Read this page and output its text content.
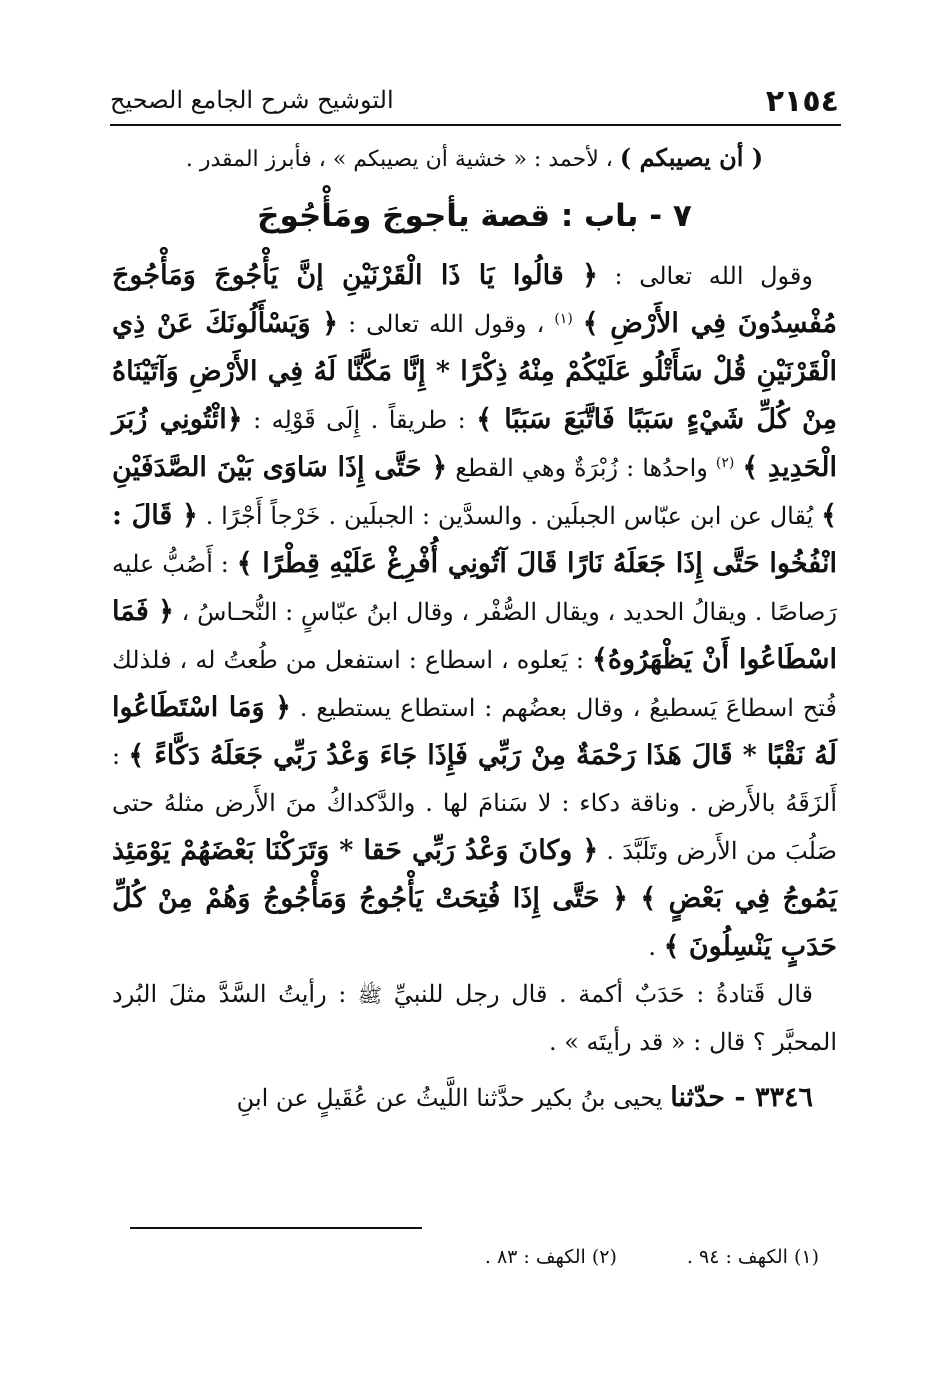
٢١٥٤
التوشيح شرح الجامع الصحيح

( أن يصيبكم ) ، لأحمد : « خشية أن يصيبكم » ، فأبرز المقدر .

٧ - باب : قصة يأجوجَ ومَأْجُوجَ

وقول الله تعالى : ﴿ قالُوا يَا ذَا الْقَرْنَيْنِ إنَّ يَأْجُوجَ وَمَأْجُوجَ مُفْسِدُونَ فِي الأَرْضِ ﴾ $^{(١)}$ ، وقول الله تعالى : ﴿ وَيَسْأَلُونَكَ عَنْ ذِي الْقَرْنَيْنِ قُلْ سَأَتْلُو عَلَيْكُمْ مِنْهُ ذِكْرًا * إِنَّا مَكَّنَّا لَهُ فِي الأَرْضِ وَآتَيْنَاهُ مِنْ كُلِّ شَيْءٍ سَبَبًا فَاتَّبَعَ سَبَبًا ﴾ : طريقاً . إِلَى قَوْلِه : ﴿ائْتُونِي زُبَرَ الْحَدِيدِ ﴾ $^{(٢)}$ واحدُها : زُبْرَةٌ وهي القطع ﴿ حَتَّى إِذَا سَاوَى بَيْنَ الصَّدَفَيْنِ ﴾ يُقال عن ابن عبّاس الجبلَين . والسدَّين : الجبلَين . خَرْجاً أَجْرًا . ﴿ قَالَ : انْفُخُوا حَتَّى إِذَا جَعَلَهُ نَارًا قَالَ آتُونِي أُفْرِغْ عَلَيْهِ قِطْرًا ﴾ : أَصُبُّ عليه رَصاصًا . ويقالُ الحديد ، ويقال الصُّفْر ، وقال ابنُ عبّاسٍ : النُّحـاسُ ، ﴿ فَمَا اسْطَاعُوا أَنْ يَظْهَرُوهُ﴾ : يَعلوه ، اسطاع : استفعل من طُعتُ له ، فلذلك فُتح اسطاعَ يَسطيعُ ، وقال بعضُهم : استطاع يستطيع . ﴿ وَمَا اسْتَطَاعُوا لَهُ نَقْبًا * قَالَ هَذَا رَحْمَةٌ مِنْ رَبِّي فَإِذَا جَاءَ وَعْدُ رَبِّي جَعَلَهُ دَكَّاءً ﴾ : أَلزَقَهُ بالأَرض . وناقة دكاء : لا سَنامَ لها . والدَّكداكُ منَ الأَرض مثلهُ حتى صَلُبَ من الأَرض وتَلَبَّدَ . ﴿ وكانَ وَعْدُ رَبِّي حَقا * وَتَرَكْنَا بَعْضَهُمْ يَوْمَئِذ يَمُوجُ فِي بَعْضٍ ﴾ ﴿ حَتَّى إِذَا فُتِحَتْ يَأْجُوجُ وَمَأْجُوجُ وَهُمْ مِنْ كُلِّ حَدَبٍ يَنْسِلُونَ ﴾ .

قال قَتادةُ : حَدَبٌ أكمة . قال رجل للنبيِّ ﷺ : رأيتُ السَّدَّ مثلَ البُرد المحبَّر ؟ قال : « قد رأيتَه » .

٣٣٤٦ - حدّثنا يحيى بنُ بكير حدَّثنا اللَّيثُ عن عُقَيلٍ عن ابنِ

(١) الكهف : ٩٤ .
(٢) الكهف : ٨٣ .
